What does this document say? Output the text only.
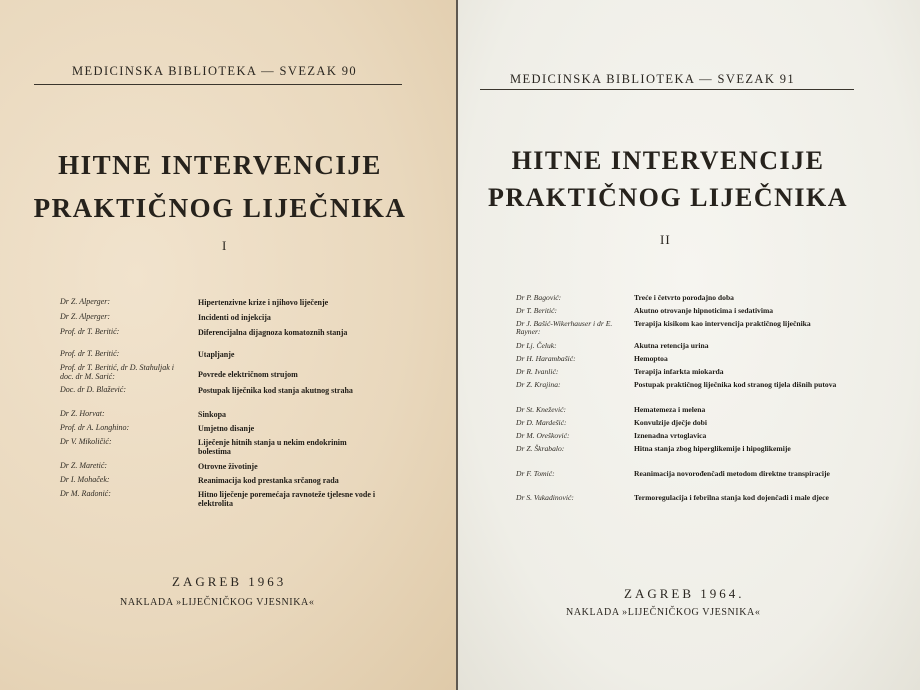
MEDICINSKA BIBLIOTEKA — SVEZAK 90
HITNE INTERVENCIJE
PRAKTIČNOG LIJEČNIKA
I
Dr Z. Alperger:	Hipertenzivne krize i njihovo liječenje
Dr Z. Alperger:	Incidenti od injekcija
Prof. dr T. Beritić:	Diferencijalna dijagnoza komatoznih stanja
Prof. dr T. Beritić:	Utapljanje
Prof. dr T. Beritić, dr D. Stahuljak i doc. dr M. Sarić:	Povrede električnom strujom
Doc. dr D. Blažević:	Postupak liječnika kod stanja akutnog straha
Dr Z. Horvat:	Sinkopa
Prof. dr A. Longhino:	Umjetno disanje
Dr V. Mikoličić:	Liječenje hitnih stanja u nekim endokrinim bolestima
Dr Z. Maretić:	Otrovne životinje
Dr I. Mohaček:	Reanimacija kod prestanka srčanog rada
Dr M. Radonić:	Hitno liječenje poremećaja ravnoteže tjelesne vode i elektrolita
ZAGREB 1963
NAKLADA »LIJEČNIČKOG VJESNIKA«
MEDICINSKA BIBLIOTEKA — SVEZAK 91
HITNE INTERVENCIJE
PRAKTIČNOG LIJEČNIKA
II
Dr P. Bagović:	Treće i četvrto porodajno doba
Dr T. Beritić:	Akutno otrovanje hipnoticima i sedativima
Dr J. Bašić-Wikerhauser i dr E. Rayner:
Terapija kisikom kao intervencija praktičnog liječnika
Dr Lj. Čeluk:	Akutna retencija urina
Dr H. Harambašić:	Hemoptoa
Dr R. Ivanlić:	Terapija infarkta miokarda
Dr Z. Krajina:	Postupak praktičnog liječnika kod stranog tijela dišnih putova
Dr St. Knežević:	Hematemeza i melena
Dr D. Mardešić:	Konvulzije dječje dobi
Dr M. Orešković:	Iznenadna vrtoglavica
Dr Z. Škrabalo:	Hitna stanja zbog hiperglikemije i hipoglikemije
Dr F. Tomić:	Reanimacija novorođenčadi metodom direktne transpiracije
Dr S. Vukadinović:	Termoregulacija i febrilna stanja kod dojenčadi i male djece
ZAGREB 1964.
NAKLADA »LIJEČNIČKOG VJESNIKA«
